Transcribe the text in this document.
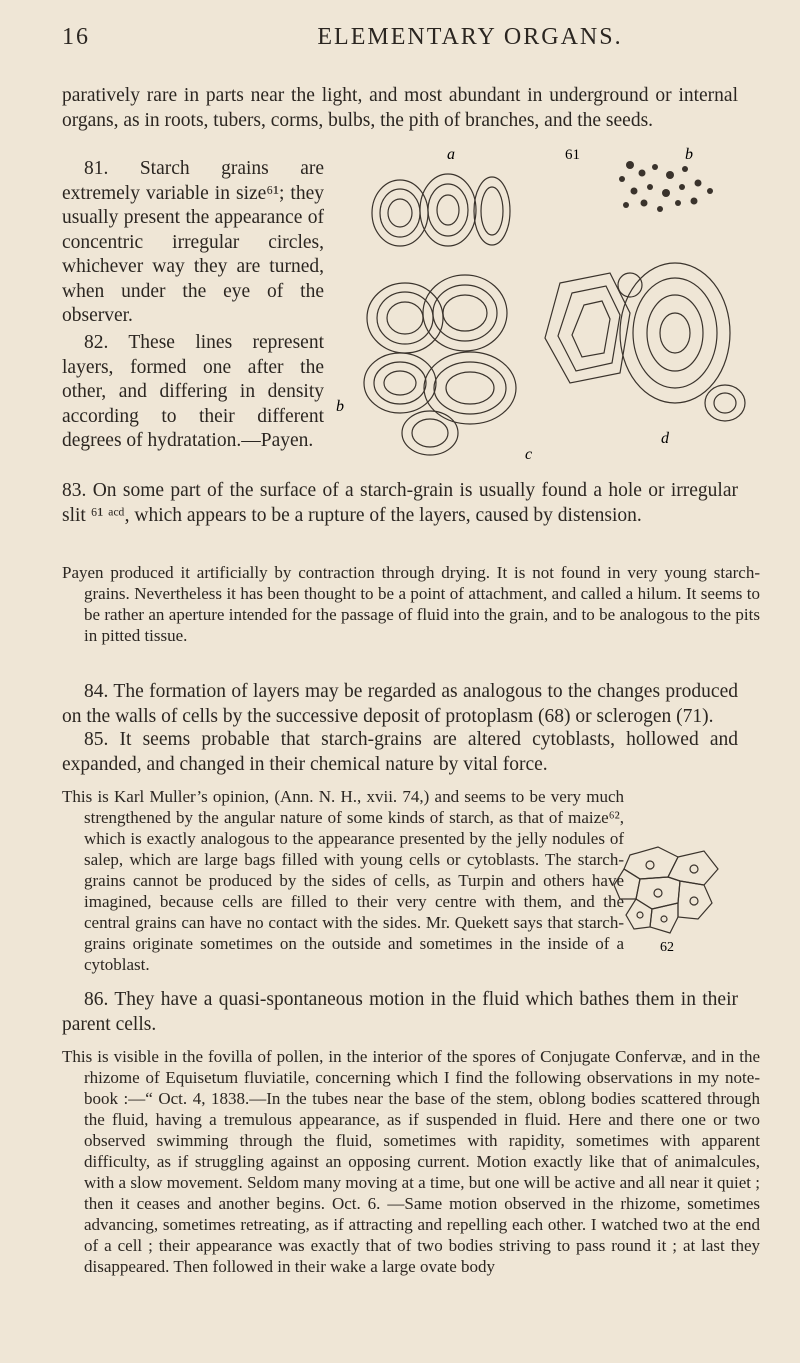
16	ELEMENTARY ORGANS.

paratively rare in parts near the light, and most abundant in underground or internal organs, as in roots, tubers, corms, bulbs, the pith of branches, and the seeds.

81. Starch grains are extremely variable in size⁶¹; they usually present the appearance of concentric irregular circles, whichever way they are turned, when under the eye of the observer.

82. These lines represent layers, formed one after the other, and differing in density according to their different degrees of hydratation.—Payen.

a	61	b
b
c
d

83. On some part of the surface of a starch-grain is usually found a hole or irregular slit ⁶¹ ᵃᶜᵈ, which appears to be a rupture of the layers, caused by distension.

Payen produced it artificially by contraction through drying. It is not found in very young starch-grains. Nevertheless it has been thought to be a point of attachment, and called a hilum. It seems to be rather an aperture intended for the passage of fluid into the grain, and to be analogous to the pits in pitted tissue.

84. The formation of layers may be regarded as analogous to the changes produced on the walls of cells by the successive deposit of protoplasm (68) or sclerogen (71).

85. It seems probable that starch-grains are altered cytoblasts, hollowed and expanded, and changed in their chemical nature by vital force.

This is Karl Muller’s opinion, (Ann. N. H., xvii. 74,) and seems to be very much strengthened by the angular nature of some kinds of starch, as that of maize⁶², which is exactly analogous to the appearance presented by the jelly nodules of salep, which are large bags filled with young cells or cytoblasts. The starch-grains cannot be produced by the sides of cells, as Turpin and others have imagined, because cells are filled to their very centre with them, and the central grains can have no contact with the sides. Mr. Quekett says that starch-grains originate sometimes on the outside and sometimes in the inside of a cytoblast.

62

86. They have a quasi-spontaneous motion in the fluid which bathes them in their parent cells.

This is visible in the fovilla of pollen, in the interior of the spores of Conjugate Confervæ, and in the rhizome of Equisetum fluviatile, concerning which I find the following observations in my note-book :—“ Oct. 4, 1838.—In the tubes near the base of the stem, oblong bodies scattered through the fluid, having a tremulous appearance, as if suspended in fluid. Here and there one or two observed swimming through the fluid, sometimes with rapidity, sometimes with apparent difficulty, as if struggling against an opposing current. Motion exactly like that of animalcules, with a slow movement. Seldom many moving at a time, but one will be active and all near it quiet ; then it ceases and another begins. Oct. 6. —Same motion observed in the rhizome, sometimes advancing, sometimes retreating, as if attracting and repelling each other. I watched two at the end of a cell ; their appearance was exactly that of two bodies striving to pass round it ; at last they disappeared. Then followed in their wake a large ovate body
